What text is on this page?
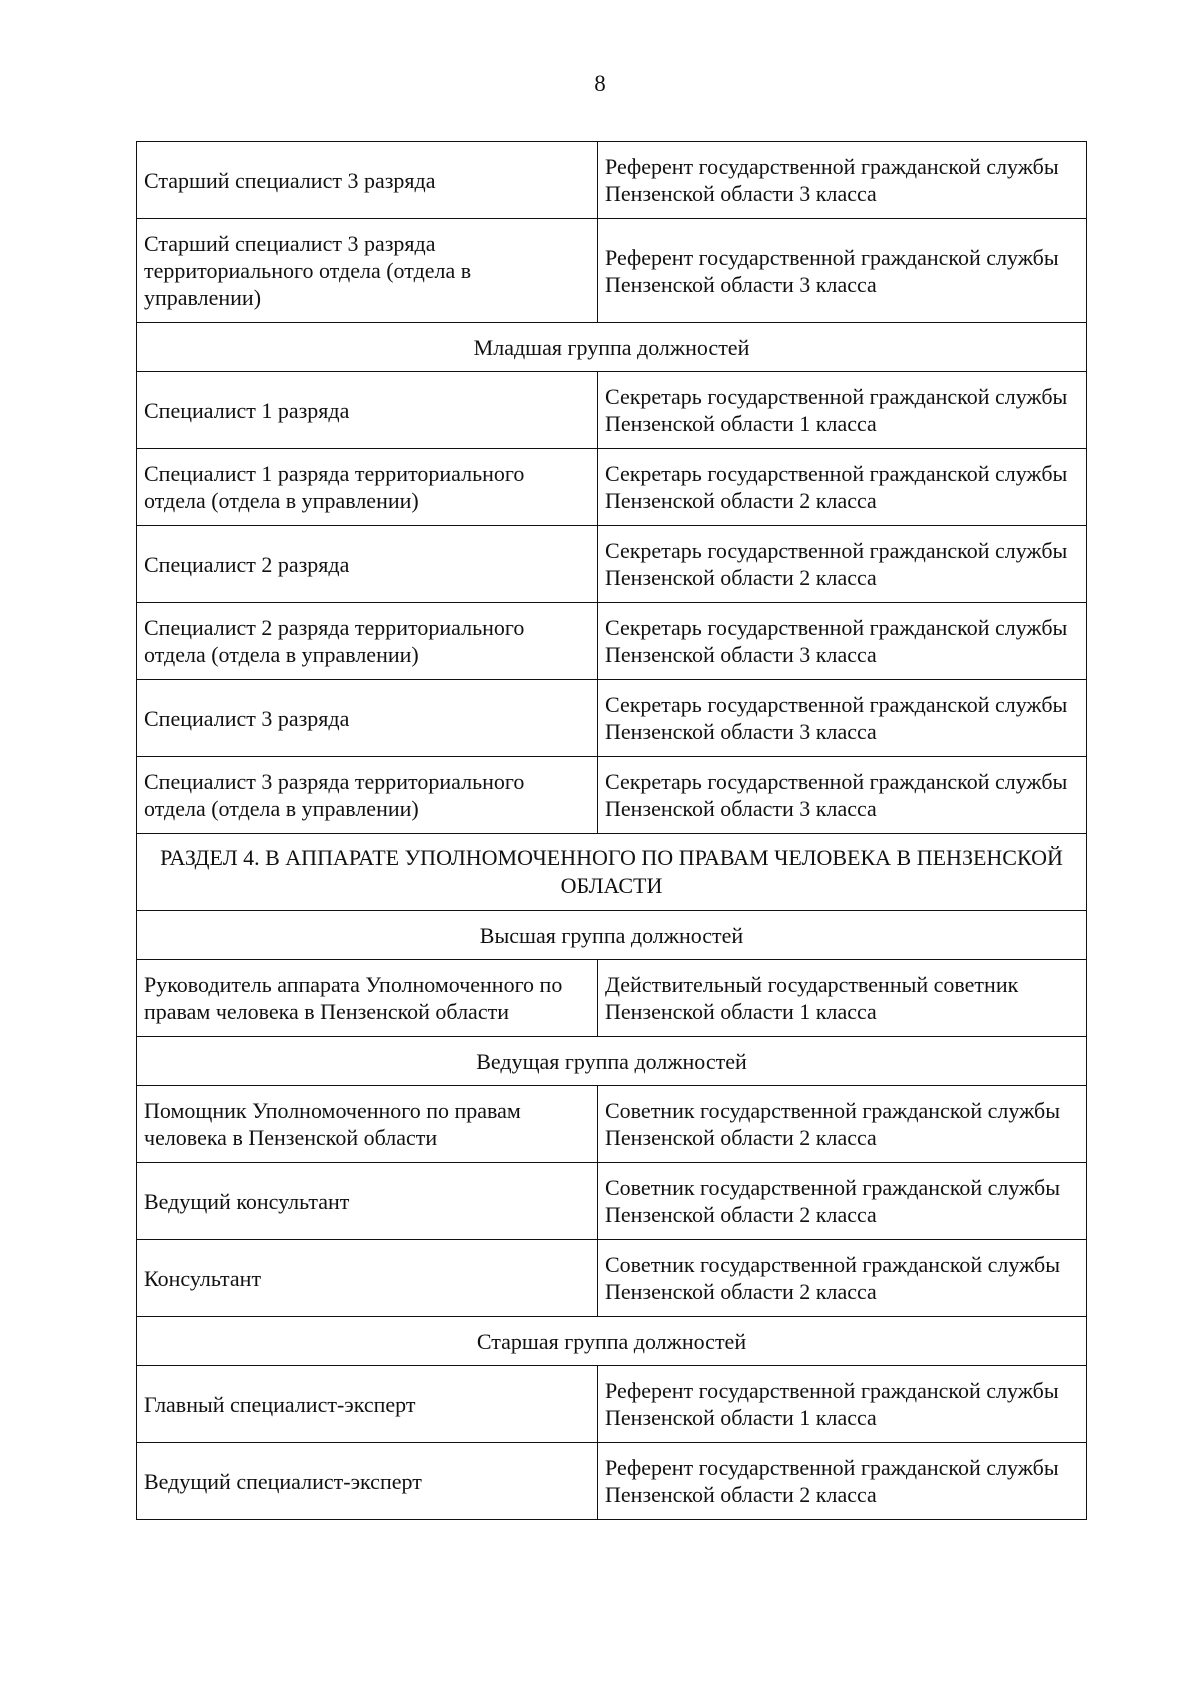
8
Старший специалист 3 разряда	Референт государственной гражданской службы Пензенской области 3 класса
Старший специалист 3 разряда территориального отдела (отдела в управлении)	Референт государственной гражданской службы Пензенской области 3 класса
Младшая группа должностей	
Специалист 1 разряда	Секретарь государственной гражданской службы Пензенской области 1 класса
Специалист 1 разряда территориального отдела (отдела в управлении)	Секретарь государственной гражданской службы Пензенской области 2 класса
Специалист 2 разряда	Секретарь государственной гражданской службы Пензенской области 2 класса
Специалист 2 разряда территориального отдела (отдела в управлении)	Секретарь государственной гражданской службы Пензенской области 3 класса
Специалист 3 разряда	Секретарь государственной гражданской службы Пензенской области 3 класса
Специалист 3 разряда территориального отдела (отдела в управлении)	Секретарь государственной гражданской службы Пензенской области 3 класса
РАЗДЕЛ 4. В АППАРАТЕ УПОЛНОМОЧЕННОГО ПО ПРАВАМ ЧЕЛОВЕКА В ПЕНЗЕНСКОЙ ОБЛАСТИ	
Высшая группа должностей	
Руководитель аппарата Уполномоченного по правам человека в Пензенской области	Действительный государственный советник Пензенской области 1 класса
Ведущая группа должностей	
Помощник Уполномоченного по правам человека в Пензенской области	Советник государственной гражданской службы Пензенской области 2 класса
Ведущий консультант	Советник государственной гражданской службы Пензенской области 2 класса
Консультант	Советник государственной гражданской службы Пензенской области 2 класса
Старшая группа должностей	
Главный специалист-эксперт	Референт государственной гражданской службы Пензенской области 1 класса
Ведущий специалист-эксперт	Референт государственной гражданской службы Пензенской области 2 класса
